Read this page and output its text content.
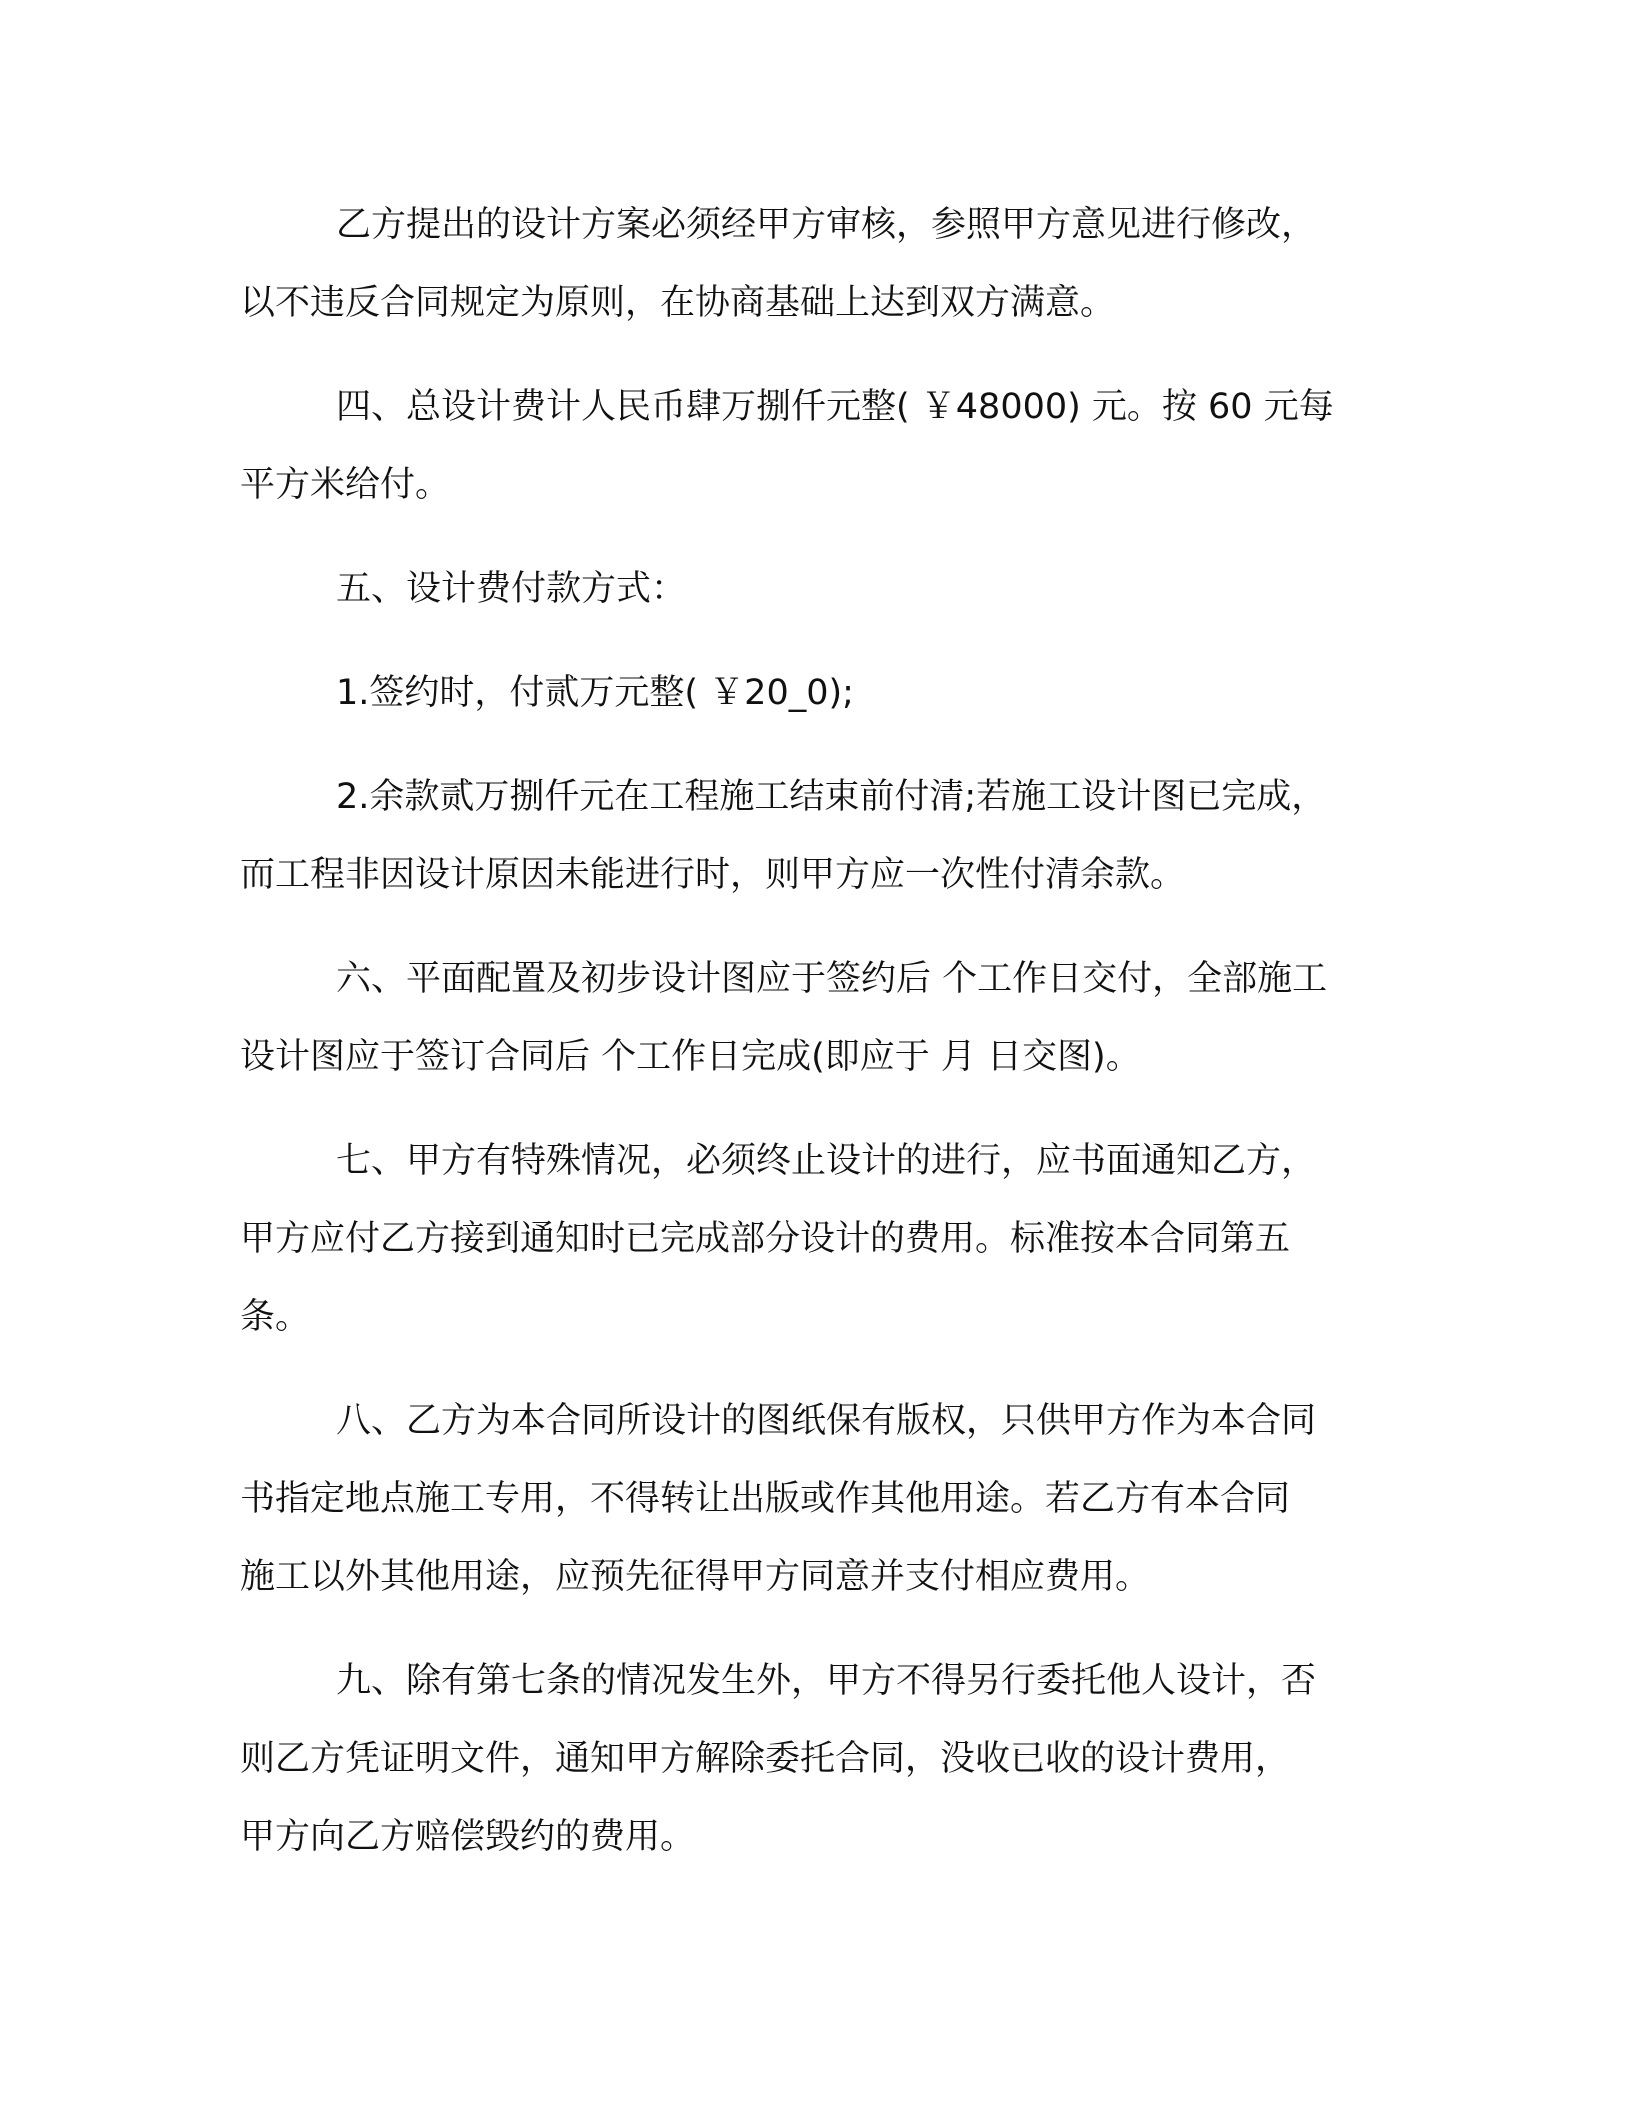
乙方提出的设计方案必须经甲方审核，参照甲方意见进行修改，
以不违反合同规定为原则，在协商基础上达到双方满意。

四、总设计费计人民币肆万捌仟元整( ￥48000) 元。按 60 元每
平方米给付。

五、设计费付款方式：

1.签约时，付贰万元整( ￥20_0);

2.余款贰万捌仟元在工程施工结束前付清;若施工设计图已完成，
而工程非因设计原因未能进行时，则甲方应一次性付清余款。

六、平面配置及初步设计图应于签约后 个工作日交付，全部施工
设计图应于签订合同后 个工作日完成(即应于 月 日交图)。

七、甲方有特殊情况，必须终止设计的进行，应书面通知乙方，
甲方应付乙方接到通知时已完成部分设计的费用。标准按本合同第五
条。

八、乙方为本合同所设计的图纸保有版权，只供甲方作为本合同
书指定地点施工专用，不得转让出版或作其他用途。若乙方有本合同
施工以外其他用途，应预先征得甲方同意并支付相应费用。

九、除有第七条的情况发生外，甲方不得另行委托他人设计，否
则乙方凭证明文件，通知甲方解除委托合同，没收已收的设计费用，
甲方向乙方赔偿毁约的费用。
